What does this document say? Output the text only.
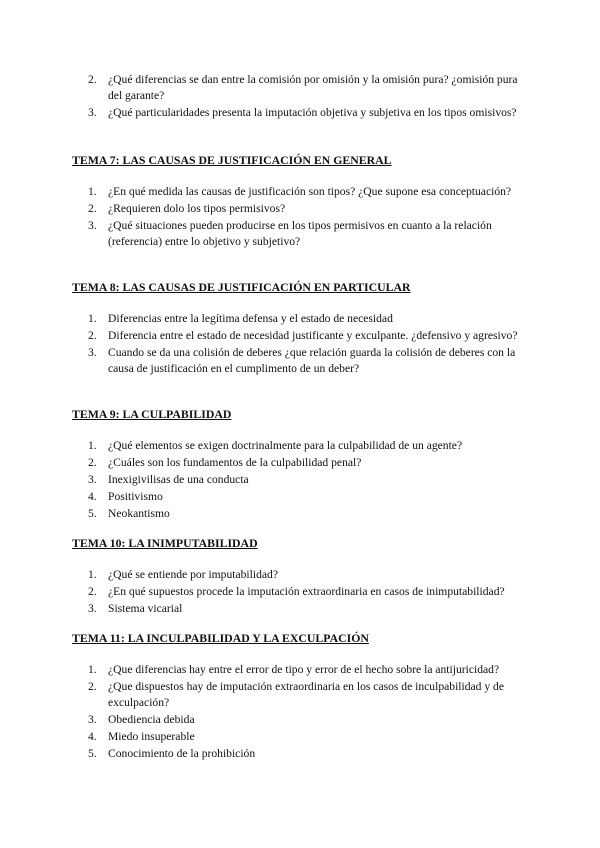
2. ¿Qué diferencias se dan entre la comisión por omisión y la omisión pura? ¿omisión pura del garante?
3. ¿Qué particularidades presenta la imputación objetiva y subjetiva en los tipos omisivos?

TEMA 7: LAS CAUSAS DE JUSTIFICACIÓN EN GENERAL

1. ¿En qué medida las causas de justificación son tipos? ¿Que supone esa conceptuación?
2. ¿Requieren dolo los tipos permisivos?
3. ¿Qué situaciones pueden producirse en los tipos permisivos en cuanto a la relación (referencia) entre lo objetivo y subjetivo?

TEMA 8: LAS CAUSAS DE JUSTIFICACIÓN EN PARTICULAR

1. Diferencias entre la legítima defensa y el estado de necesidad
2. Diferencia entre el estado de necesidad justificante y exculpante. ¿defensivo y agresivo?
3. Cuando se da una colisión de deberes ¿que relación guarda la colisión de deberes con la causa de justificación en el cumplimento de un deber?

TEMA 9: LA CULPABILIDAD

1. ¿Qué elementos se exigen doctrinalmente para la culpabilidad de un agente?
2. ¿Cuáles son los fundamentos de la culpabilidad penal?
3. Inexigivilisas de una conducta
4. Positivismo
5. Neokantismo

TEMA 10: LA INIMPUTABILIDAD

1. ¿Qué se entiende por imputabilidad?
2. ¿En qué supuestos procede la imputación extraordinaria en casos de inimputabilidad?
3. Sistema vicarial

TEMA 11: LA INCULPABILIDAD Y LA EXCULPACIÓN

1. ¿Que diferencias hay entre el error de tipo y error de el hecho sobre la antijuricidad?
2. ¿Que dispuestos hay de imputación extraordinaria en los casos de inculpabilidad y de exculpación?
3. Obediencia debida
4. Miedo insuperable
5. Conocimiento de la prohibición
